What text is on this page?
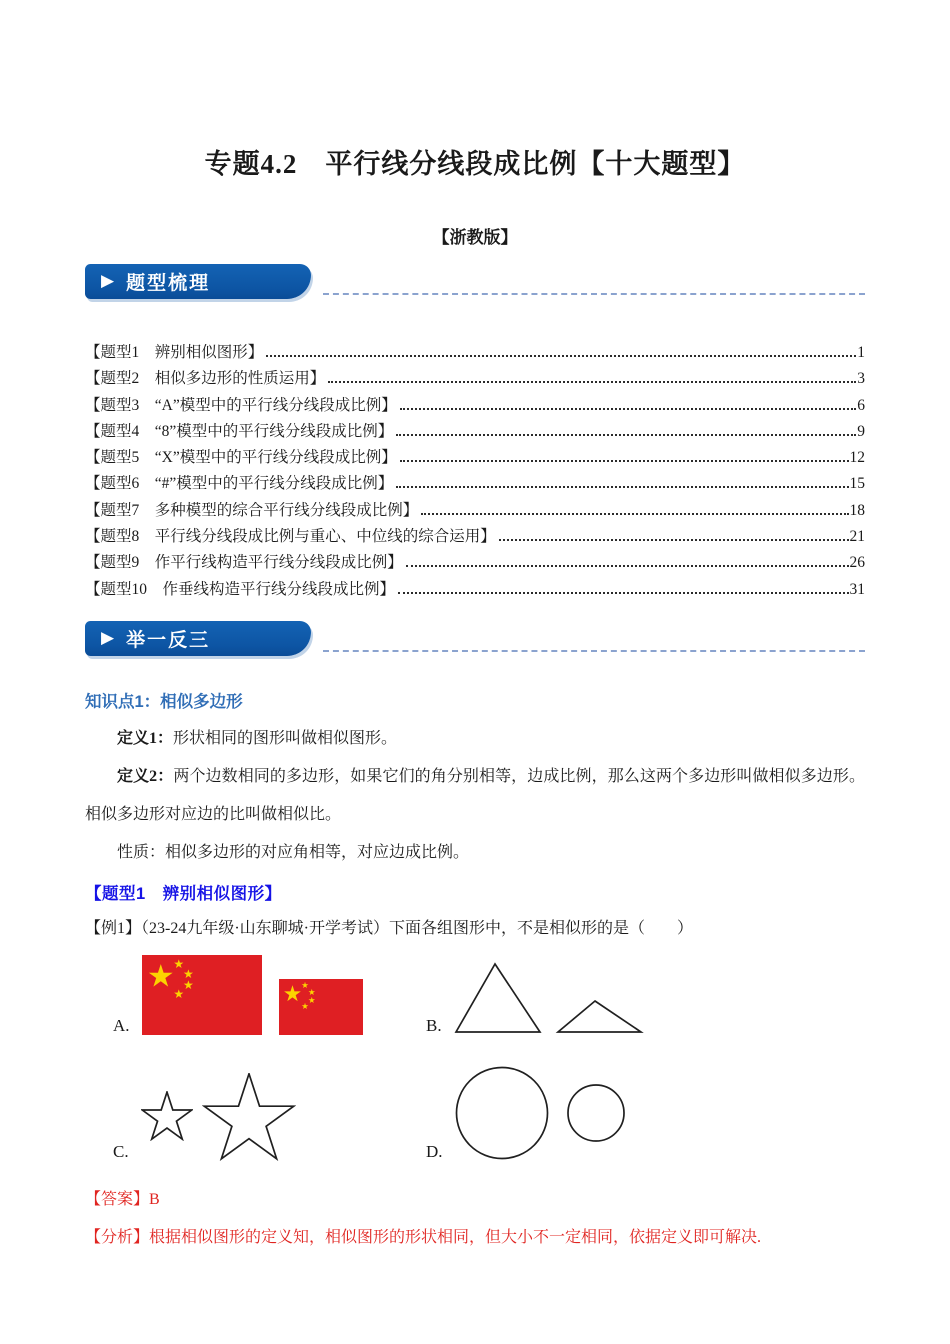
专题4.2　平行线分线段成比例【十大题型】
【浙教版】
▶ 题型梳理
【题型1　辨别相似图形】	1
【题型2　相似多边形的性质运用】	3
【题型3　“A”模型中的平行线分线段成比例】	6
【题型4　“8”模型中的平行线分线段成比例】	9
【题型5　“X”模型中的平行线分线段成比例】	12
【题型6　“#”模型中的平行线分线段成比例】	15
【题型7　多种模型的综合平行线分线段成比例】	18
【题型8　平行线分线段成比例与重心、中位线的综合运用】	21
【题型9　作平行线构造平行线分线段成比例】	26
【题型10　作垂线构造平行线分线段成比例】	31
▶ 举一反三
知识点1：相似多边形

定义1：形状相同的图形叫做相似图形。

定义2：两个边数相同的多边形，如果它们的角分别相等，边成比例，那么这两个多边形叫做相似多边形。相似多边形对应边的比叫做相似比。

性质：相似多边形的对应角相等，对应边成比例。

【题型1　辨别相似图形】

【例1】（23-24九年级·山东聊城·开学考试）下面各组图形中，不是相似形的是（　　）

A.
★
★
★
★
★	★ ★
★
★
★
B.
C.	D.

【答案】B

【分析】根据相似图形的定义知，相似图形的形状相同，但大小不一定相同，依据定义即可解决.
